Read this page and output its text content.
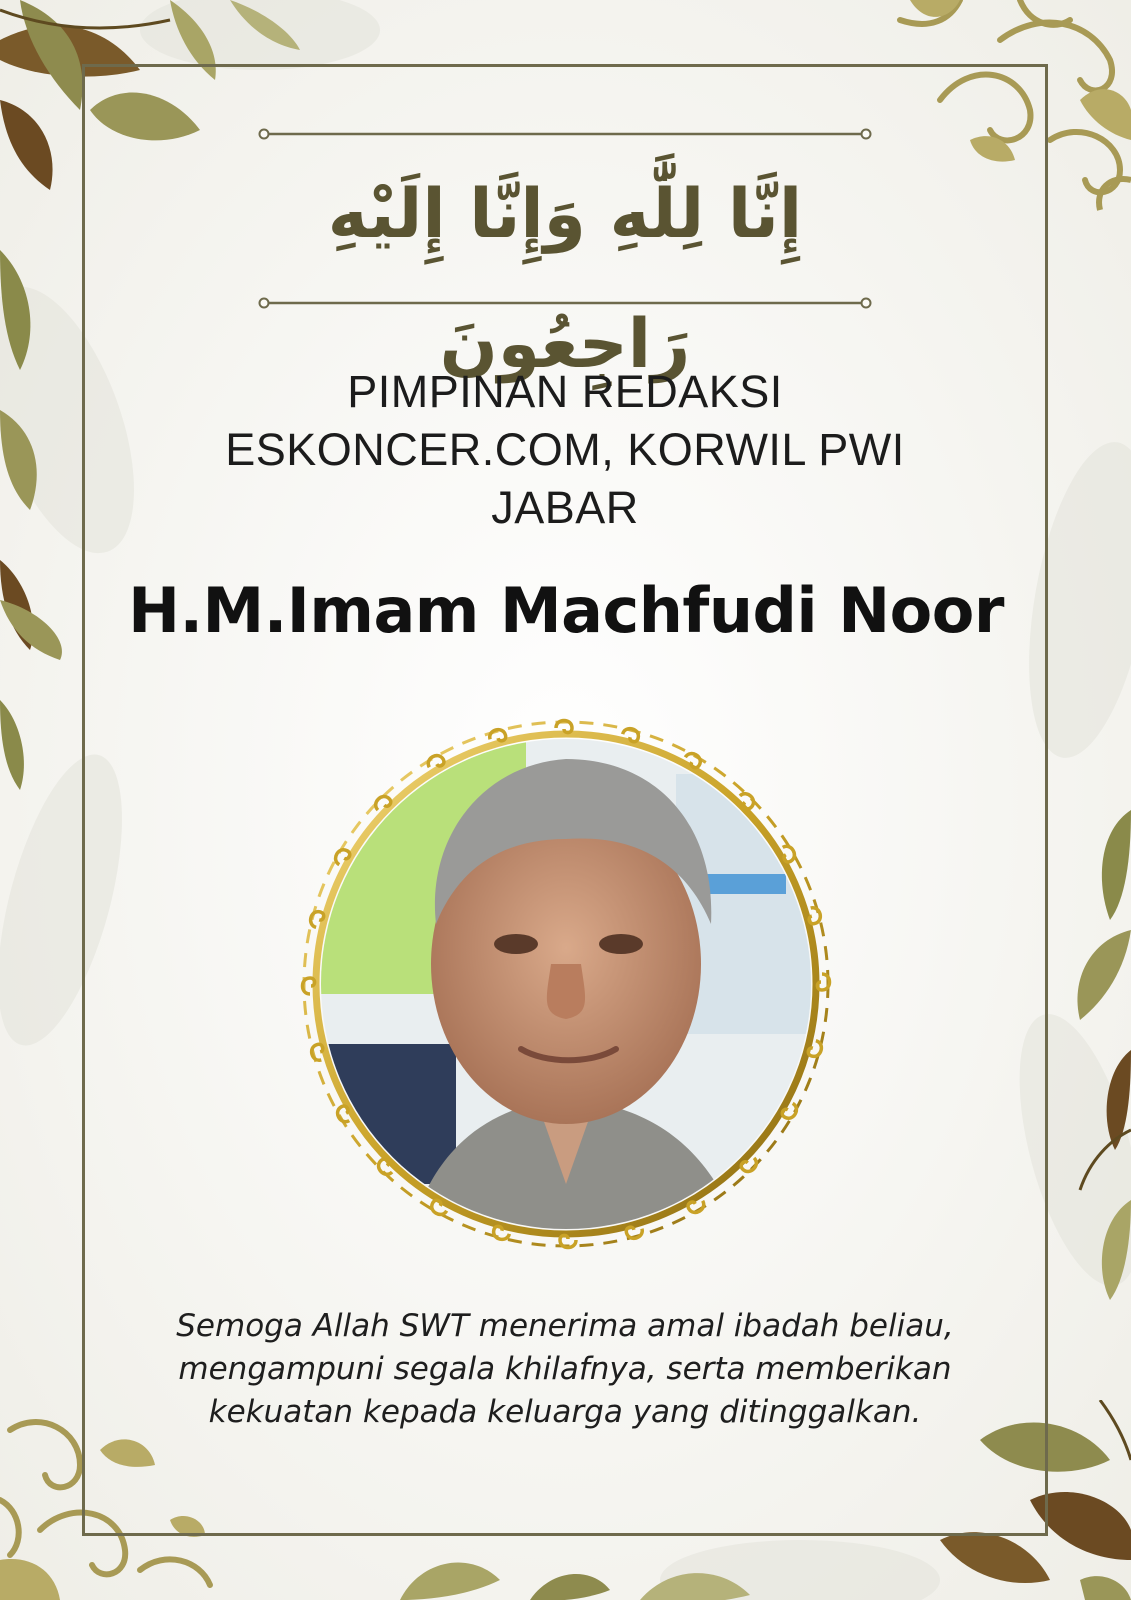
إِنَّا لِلَّٰهِ وَإِنَّا إِلَيْهِ رَاجِعُونَ

PIMPINAN REDAKSI
ESKONCER.COM, KORWIL PWI
JABAR

H.M.Imam Machfudi Noor

Semoga Allah SWT menerima amal ibadah beliau, mengampuni segala khilafnya, serta memberikan kekuatan kepada keluarga yang ditinggalkan.
